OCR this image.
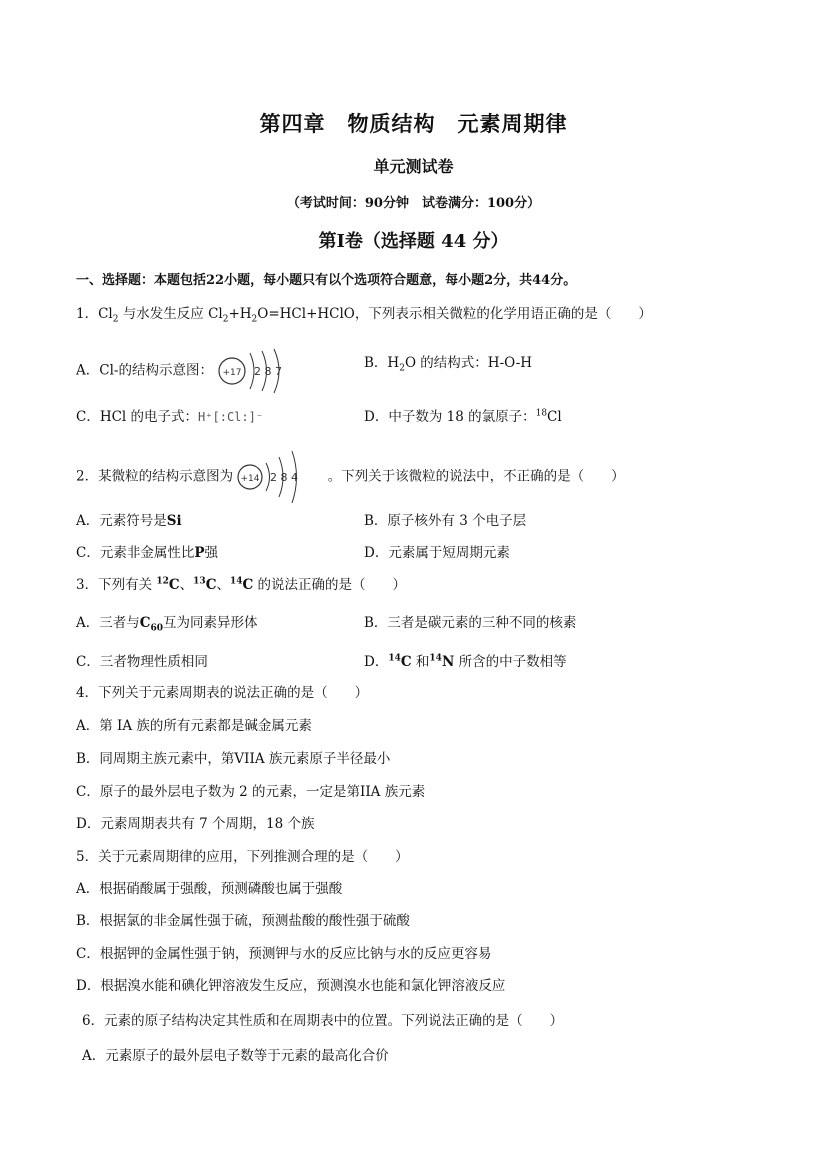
第四章　物质结构　元素周期律
单元测试卷
（考试时间：90分钟　试卷满分：100分）
第I卷（选择题 44 分）
一、选择题：本题包括22小题，每小题只有以个选项符合题意，每小题2分，共44分。
1．$Cl_2$ 与水发生反应 $Cl_2+H_2O=HCl+HClO$，下列表示相关微粒的化学用语正确的是（　　）
A．Cl-的结构示意图： +17 2 8 7
B．$H_2O$ 的结构式：H-O-H
C．HCl 的电子式：H⁺[:Cl:]⁻	D．中子数为 18 的氯原子：$^{18}$Cl
2．某微粒的结构示意图为 +14 2 8 4 。下列关于该微粒的说法中，不正确的是（　　）
A．元素符号是Si	B．原子核外有 3 个电子层
C．元素非金属性比P强	D．元素属于短周期元素
3．下列有关 $^{12}$C、$^{13}$C、$^{14}$C 的说法正确的是（　　）
A．三者与$C_{60}$互为同素异形体	B．三者是碳元素的三种不同的核素
C．三者物理性质相同	D．$^{14}$C 和$^{14}$N 所含的中子数相等
4．下列关于元素周期表的说法正确的是（　　）
A．第 IA 族的所有元素都是碱金属元素
B．同周期主族元素中，第VIIA 族元素原子半径最小
C．原子的最外层电子数为 2 的元素，一定是第IIA 族元素
D．元素周期表共有 7 个周期，18 个族
5．关于元素周期律的应用，下列推测合理的是（　　）
A．根据硝酸属于强酸，预测磷酸也属于强酸
B．根据氯的非金属性强于硫，预测盐酸的酸性强于硫酸
C．根据钾的金属性强于钠，预测钾与水的反应比钠与水的反应更容易
D．根据溴水能和碘化钾溶液发生反应，预测溴水也能和氯化钾溶液反应
6．元素的原子结构决定其性质和在周期表中的位置。下列说法正确的是（　　）
A．元素原子的最外层电子数等于元素的最高化合价
